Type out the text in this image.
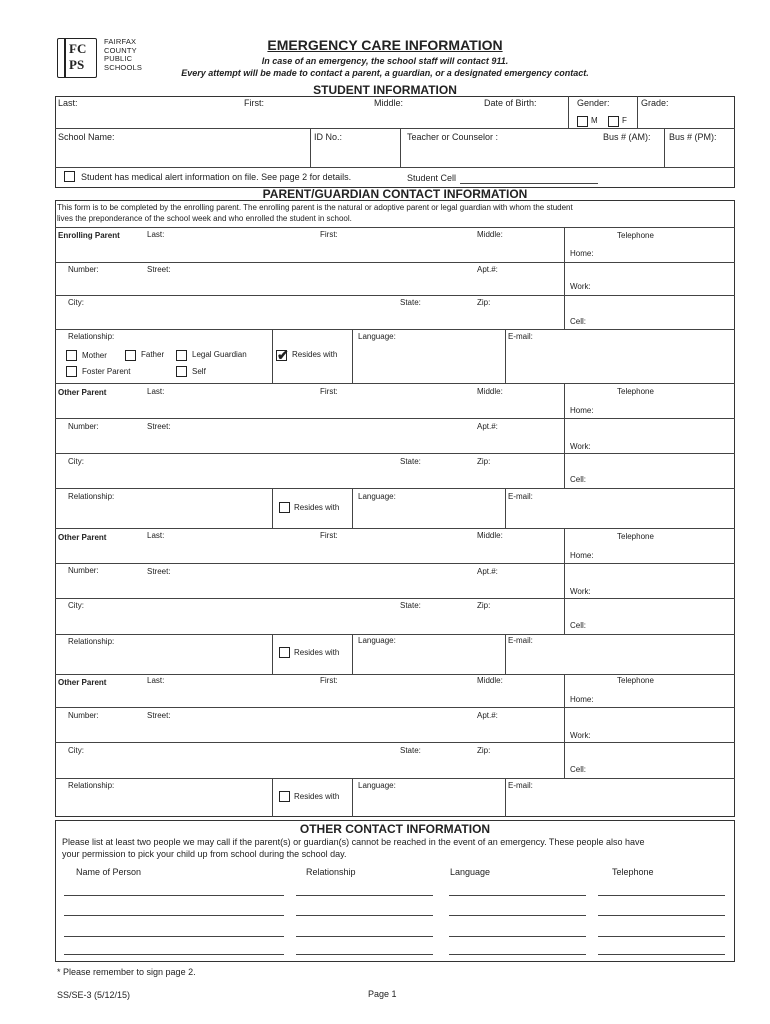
FC
PS
FAIRFAX
COUNTY
PUBLIC
SCHOOLS
EMERGENCY CARE INFORMATION
In case of an emergency, the school staff will contact 911.
Every attempt will be made to contact a parent, a guardian, or a designated emergency contact.
STUDENT INFORMATION
Last:	First:	Middle:	Date of Birth:	Gender:	Grade:
M	F
School Name:	ID No.:	Teacher or Counselor :	Bus # (AM): Bus # (PM):
Student has medical alert information on file. See page 2 for details.	Student Cell
PARENT/GUARDIAN CONTACT INFORMATION
This form is to be completed by the enrolling parent. The enrolling parent is the natural or adoptive parent or legal guardian with whom the student
lives the preponderance of the school week and who enrolled the student in school.
Enrolling Parent	Last:	First:	Middle:	Telephone
Home:
Number:	Street:	Apt.#:
Work:
City:	State:	Zip:
Cell:
Relationship:	Language:	E-mail:
Mother	Father	Legal Guardian ✔ Resides with
Foster Parent	Self
Other Parent	Last:	First:	Middle:	Telephone
Home:
Number:	Street:	Apt.#:
Work:
City:	State:	Zip:
Cell:
Relationship:	Language:	E-mail:
Resides with
Other Parent	Last:	First:	Middle:	Telephone
Home:
Number:	Street:	Apt.#:
Work:
City:	State:	Zip:
Cell:
Relationship:	Language:	E-mail:
Resides with
Other Parent	Last:	First:	Middle:	Telephone
Home:
Number:	Street:	Apt.#:
Work:
City:	State:	Zip:
Cell:
Relationship:	Language:	E-mail:
Resides with
OTHER CONTACT INFORMATION
Please list at least two people we may call if the parent(s) or guardian(s) cannot be reached in the event of an emergency. These people also have
your permission to pick your child up from school during the school day.
Name of Person	Relationship	Language	Telephone
* Please remember to sign page 2.
SS/SE-3 (5/12/15)	Page 1
